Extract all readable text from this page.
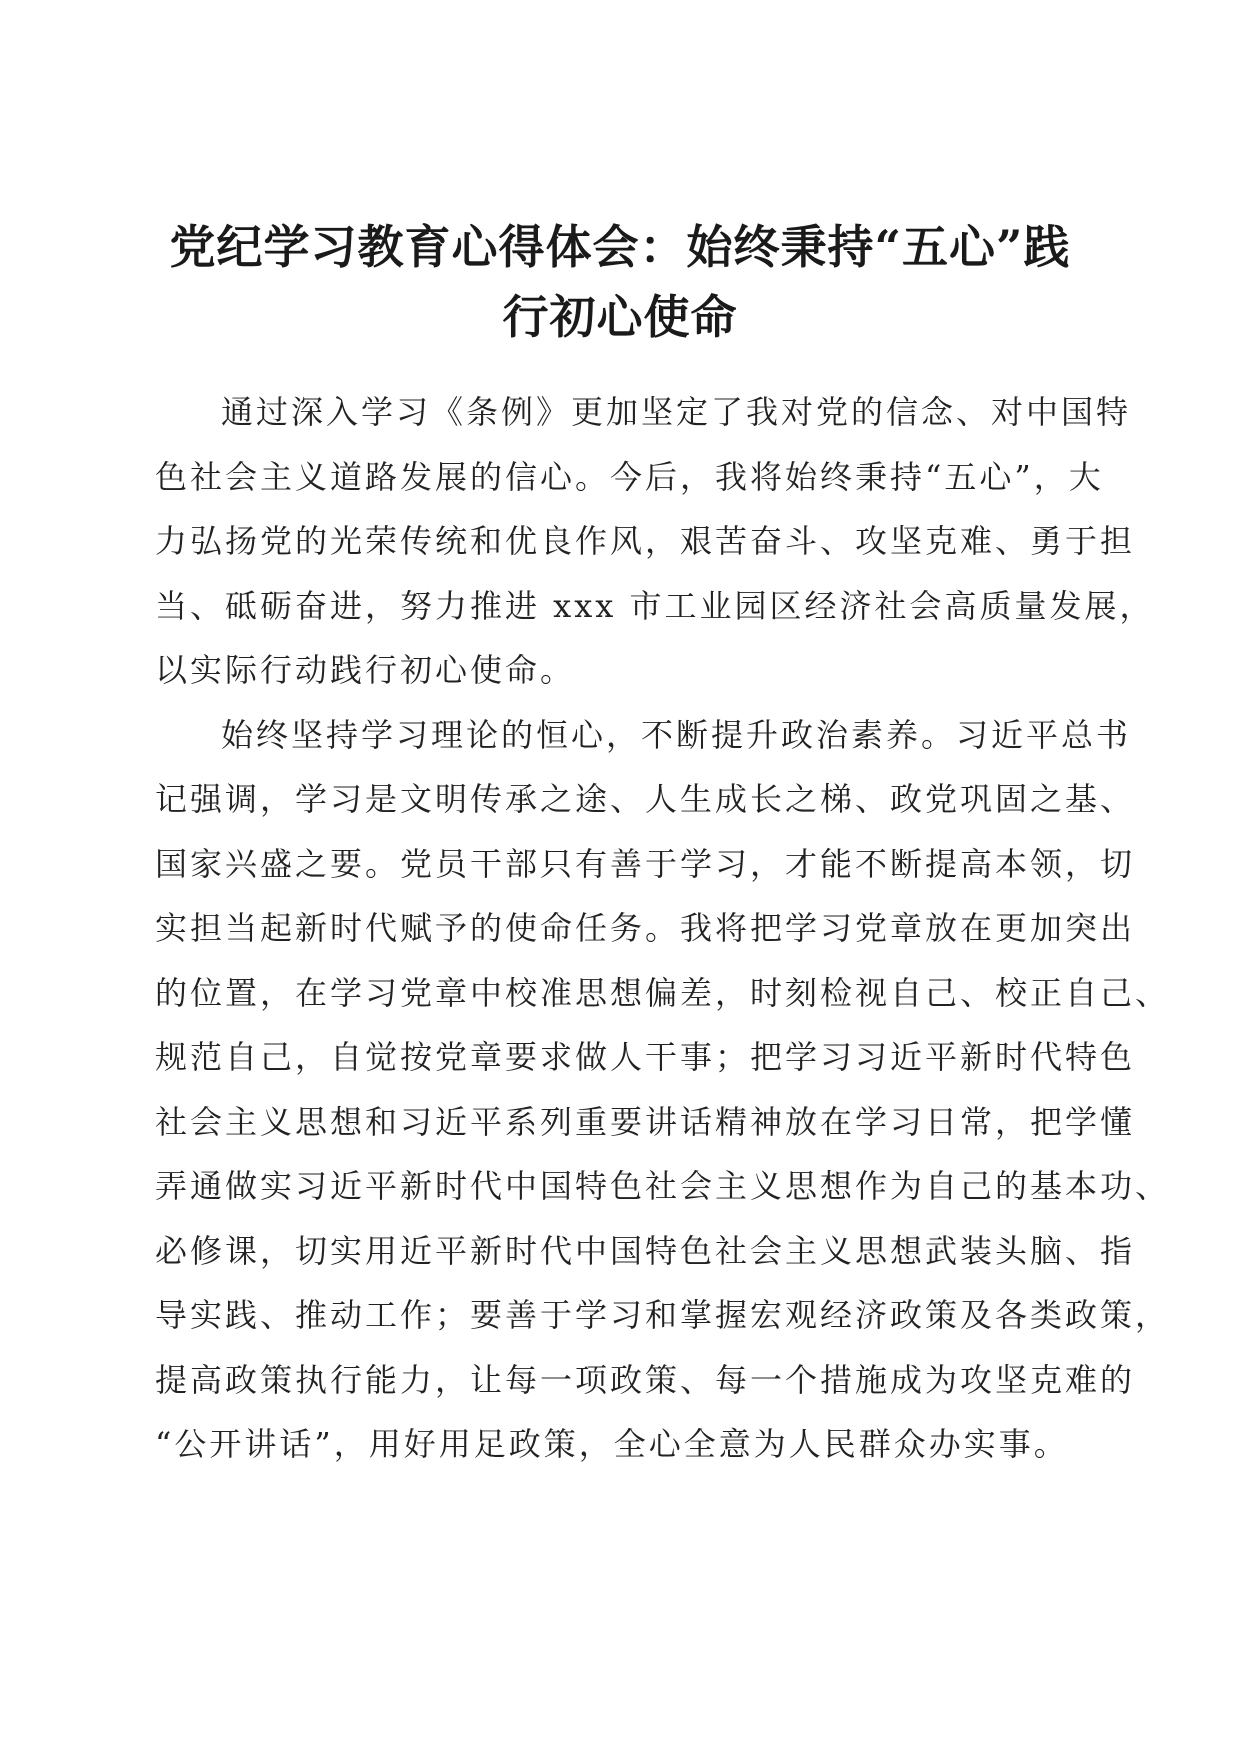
党纪学习教育心得体会：始终秉持“五心”践
行初心使命

通过深入学习《条例》更加坚定了我对党的信念、对中国特
色社会主义道路发展的信心。今后，我将始终秉持“五心”，大
力弘扬党的光荣传统和优良作风，艰苦奋斗、攻坚克难、勇于担
当、砥砺奋进，努力推进 xxx 市工业园区经济社会高质量发展，
以实际行动践行初心使命。

始终坚持学习理论的恒心，不断提升政治素养。习近平总书
记强调，学习是文明传承之途、人生成长之梯、政党巩固之基、
国家兴盛之要。党员干部只有善于学习，才能不断提高本领，切
实担当起新时代赋予的使命任务。我将把学习党章放在更加突出
的位置，在学习党章中校准思想偏差，时刻检视自己、校正自己、
规范自己，自觉按党章要求做人干事；把学习习近平新时代特色
社会主义思想和习近平系列重要讲话精神放在学习日常，把学懂
弄通做实习近平新时代中国特色社会主义思想作为自己的基本功、
必修课，切实用近平新时代中国特色社会主义思想武装头脑、指
导实践、推动工作；要善于学习和掌握宏观经济政策及各类政策，
提高政策执行能力，让每一项政策、每一个措施成为攻坚克难的
“公开讲话”，用好用足政策，全心全意为人民群众办实事。
